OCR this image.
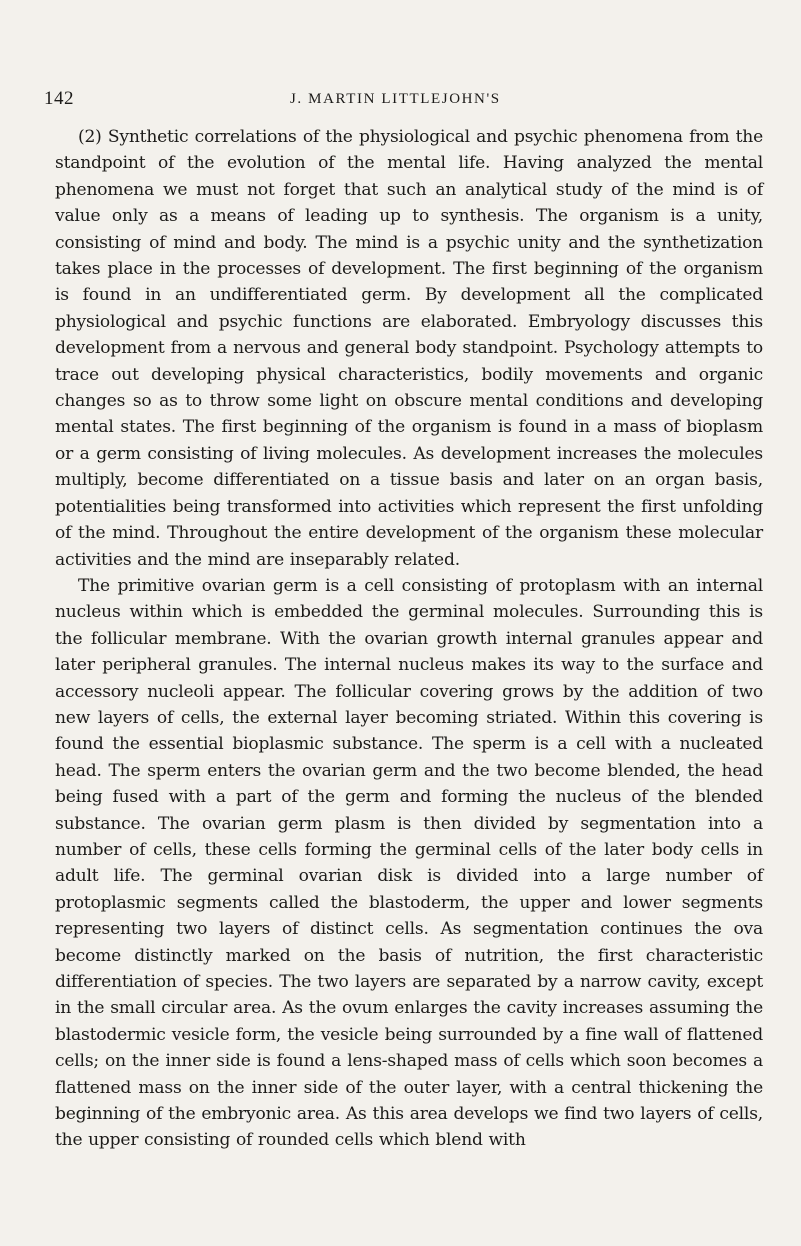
142	J. MARTIN LITTLEJOHN'S

(2) Synthetic correlations of the physiological and psychic phenomena from the standpoint of the evolution of the mental life. Having analyzed the mental phenomena we must not forget that such an analytical study of the mind is of value only as a means of leading up to synthesis. The organism is a unity, consisting of mind and body. The mind is a psychic unity and the synthetization takes place in the processes of development. The first beginning of the organism is found in an undifferentiated germ. By development all the complicated physiological and psychic functions are elaborated. Embryology discusses this development from a nervous and general body standpoint. Psychology attempts to trace out developing physical characteristics, bodily movements and organic changes so as to throw some light on obscure mental conditions and developing mental states. The first beginning of the organism is found in a mass of bioplasm or a germ consisting of living molecules. As development increases the molecules multiply, become differentiated on a tissue basis and later on an organ basis, potentialities being transformed into activities which represent the first unfolding of the mind. Throughout the entire development of the organism these molecular activities and the mind are inseparably related.

The primitive ovarian germ is a cell consisting of protoplasm with an internal nucleus within which is embedded the germinal molecules. Surrounding this is the follicular membrane. With the ovarian growth internal granules appear and later peripheral granules. The internal nucleus makes its way to the surface and accessory nucleoli appear. The follicular covering grows by the addition of two new layers of cells, the external layer becoming striated. Within this covering is found the essential bioplasmic substance. The sperm is a cell with a nucleated head. The sperm enters the ovarian germ and the two become blended, the head being fused with a part of the germ and forming the nucleus of the blended substance. The ovarian germ plasm is then divided by segmentation into a number of cells, these cells forming the germinal cells of the later body cells in adult life. The germinal ovarian disk is divided into a large number of protoplasmic segments called the blastoderm, the upper and lower segments representing two layers of distinct cells. As segmentation continues the ova become distinctly marked on the basis of nutrition, the first characteristic differentiation of species. The two layers are separated by a narrow cavity, except in the small circular area. As the ovum enlarges the cavity increases assuming the blastodermic vesicle form, the vesicle being surrounded by a fine wall of flattened cells; on the inner side is found a lens-shaped mass of cells which soon becomes a flattened mass on the inner side of the outer layer, with a central thickening the beginning of the embryonic area. As this area develops we find two layers of cells, the upper consisting of rounded cells which blend with
